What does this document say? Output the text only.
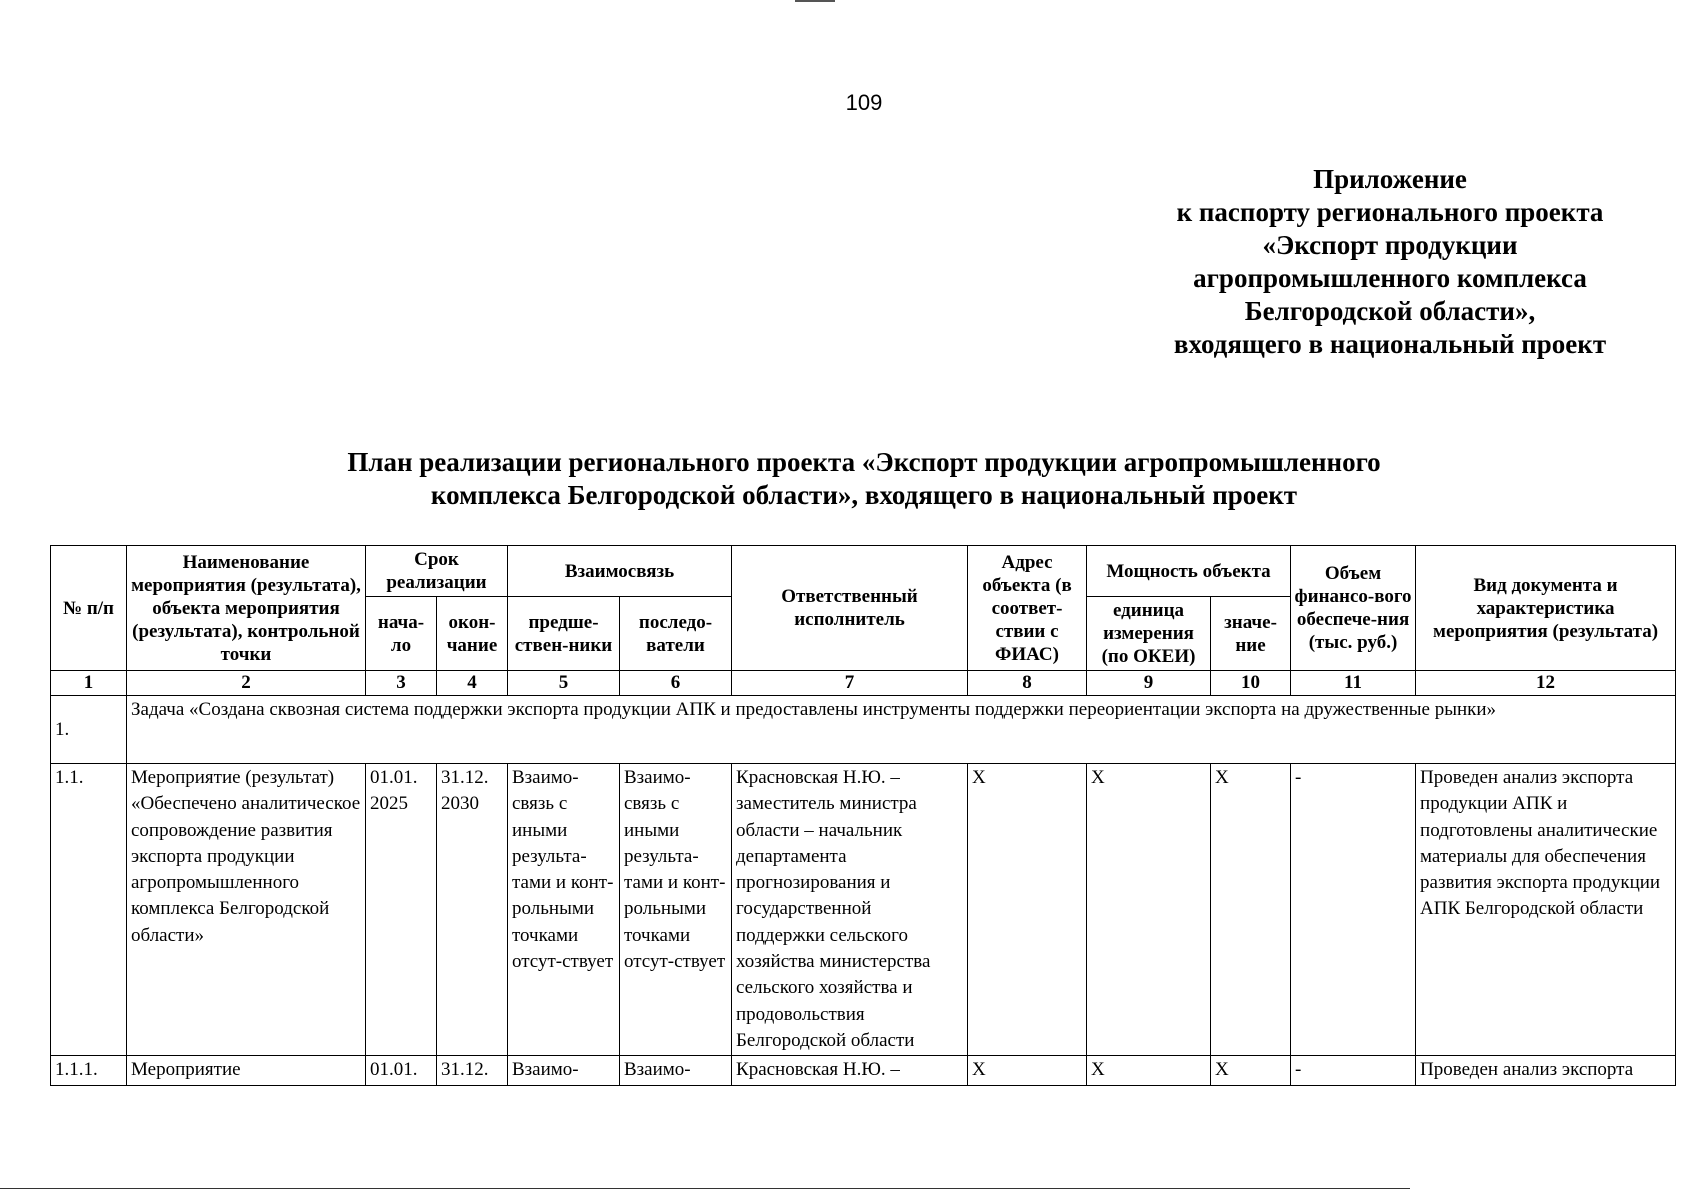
109
Приложение
к паспорту регионального проекта
«Экспорт продукции
агропромышленного комплекса
Белгородской области»,
входящего в национальный проект
План реализации регионального проекта «Экспорт продукции агропромышленного
комплекса Белгородской области», входящего в национальный проект
№ п/п	Наименование мероприятия (результата), объекта мероприятия (результата), контрольной точки	Срок реализации		Взаимосвязь		Ответственный исполнитель	Адрес объекта (в соответ-ствии с ФИАС)	Мощность объекта		Объем финансо-вого обеспече-ния (тыс. руб.)	Вид документа и характеристика мероприятия (результата)
		нача-ло	окон-чание	предше-ствен-ники	последо-ватели			единица измерения (по ОКЕИ)	значе-ние		
1	2	3	4	5	6	7	8	9	10	11	12
1.	Задача «Создана сквозная система поддержки экспорта продукции АПК и предоставлены инструменты поддержки переориентации экспорта на дружественные рынки»										
1.1.	Мероприятие (результат) «Обеспечено аналитическое сопровождение развития экспорта продукции агропромышленного комплекса Белгородской области»	01.01. 2025	31.12. 2030	Взаимо-связь с иными результа-тами и конт-рольными точками отсут-ствует	Взаимо-связь с иными результа-тами и конт-рольными точками отсут-ствует	Красновская Н.Ю. – заместитель министра области – начальник департамента прогнозирования и государственной поддержки сельского хозяйства министерства сельского хозяйства и продовольствия Белгородской области	Х	Х	Х	-	Проведен анализ экспорта продукции АПК и подготовлены аналитические материалы для обеспечения развития экспорта продукции АПК Белгородской области
1.1.1.	Мероприятие	01.01.	31.12.	Взаимо-	Взаимо-	Красновская Н.Ю. –	Х	Х	Х	-	Проведен анализ экспорта
